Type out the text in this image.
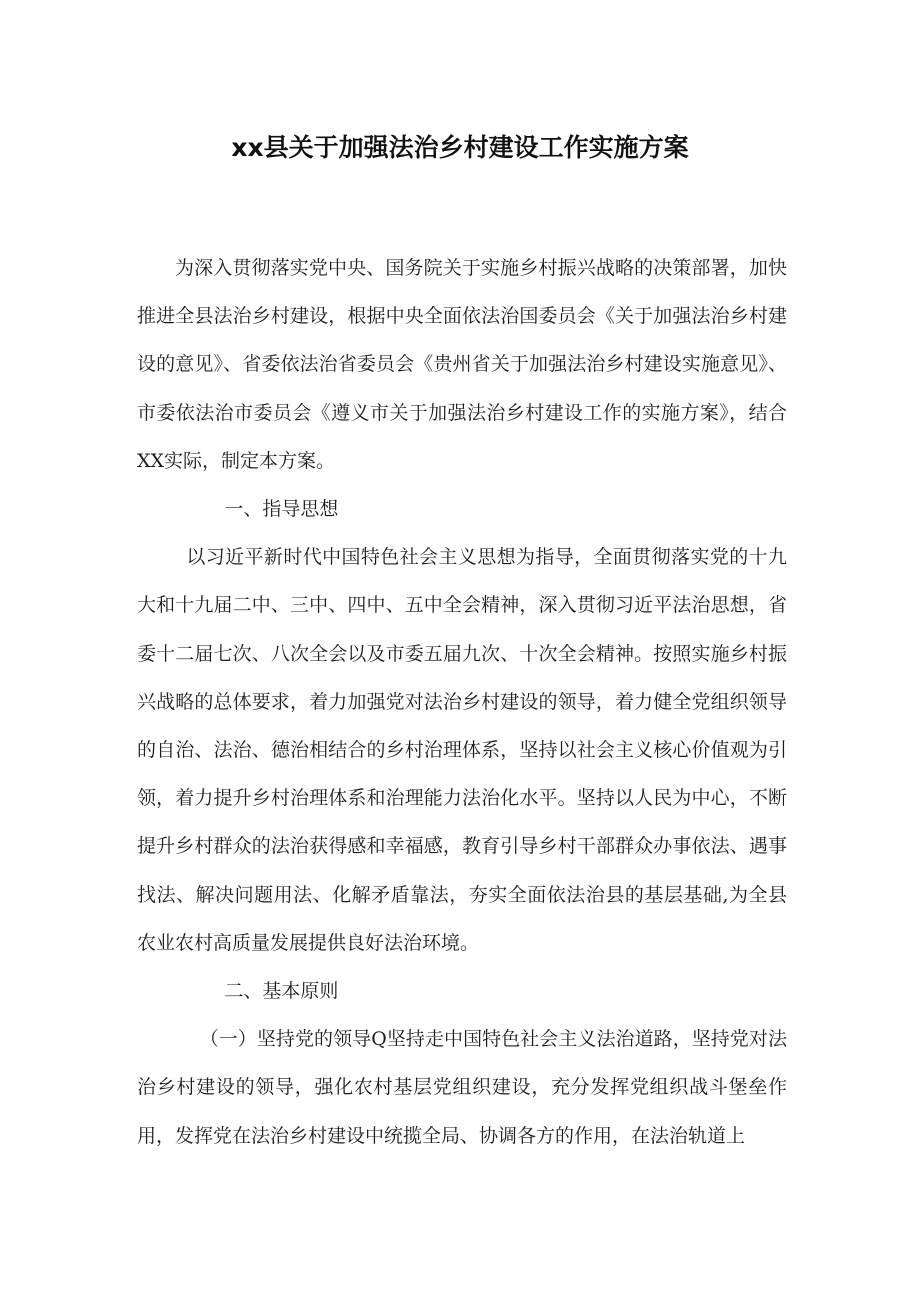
xx县关于加强法治乡村建设工作实施方案

为深入贯彻落实党中央、国务院关于实施乡村振兴战略的决策部署，加快推进全县法治乡村建设，根据中央全面依法治国委员会《关于加强法治乡村建设的意见》、省委依法治省委员会《贵州省关于加强法治乡村建设实施意见》、市委依法治市委员会《遵义市关于加强法治乡村建设工作的实施方案》，结合XX实际，制定本方案。

一、指导思想

以习近平新时代中国特色社会主义思想为指导，全面贯彻落实党的十九大和十九届二中、三中、四中、五中全会精神，深入贯彻习近平法治思想，省委十二届七次、八次全会以及市委五届九次、十次全会精神。按照实施乡村振兴战略的总体要求，着力加强党对法治乡村建设的领导，着力健全党组织领导的自治、法治、德治相结合的乡村治理体系，坚持以社会主义核心价值观为引领，着力提升乡村治理体系和治理能力法治化水平。坚持以人民为中心，不断提升乡村群众的法治获得感和幸福感，教育引导乡村干部群众办事依法、遇事找法、解决问题用法、化解矛盾靠法，夯实全面依法治县的基层基础,为全县农业农村高质量发展提供良好法治环境。

二、基本原则

（一）坚持党的领导Q坚持走中国特色社会主义法治道路，坚持党对法治乡村建设的领导，强化农村基层党组织建设，充分发挥党组织战斗堡垒作用，发挥党在法治乡村建设中统揽全局、协调各方的作用，在法治轨道上
